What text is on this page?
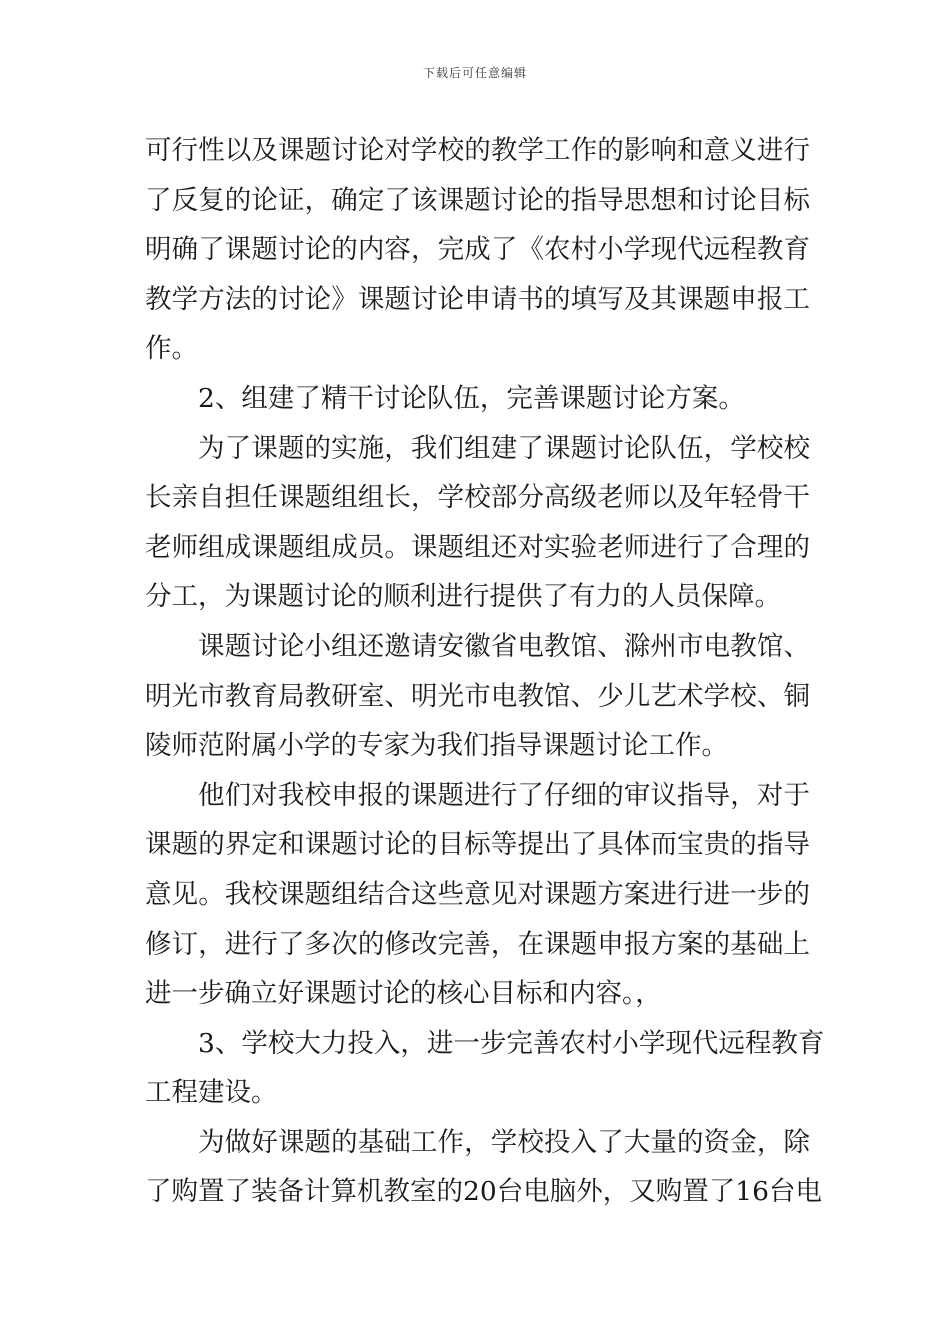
下载后可任意编辑
可行性以及课题讨论对学校的教学工作的影响和意义进行
了反复的论证，确定了该课题讨论的指导思想和讨论目标
明确了课题讨论的内容，完成了《农村小学现代远程教育
教学方法的讨论》课题讨论申请书的填写及其课题申报工
作。
2、组建了精干讨论队伍，完善课题讨论方案。
为了课题的实施，我们组建了课题讨论队伍，学校校
长亲自担任课题组组长，学校部分高级老师以及年轻骨干
老师组成课题组成员。课题组还对实验老师进行了合理的
分工，为课题讨论的顺利进行提供了有力的人员保障。
课题讨论小组还邀请安徽省电教馆、滁州市电教馆、
明光市教育局教研室、明光市电教馆、少儿艺术学校、铜
陵师范附属小学的专家为我们指导课题讨论工作。
他们对我校申报的课题进行了仔细的审议指导，对于
课题的界定和课题讨论的目标等提出了具体而宝贵的指导
意见。我校课题组结合这些意见对课题方案进行进一步的
修订，进行了多次的修改完善，在课题申报方案的基础上
进一步确立好课题讨论的核心目标和内容。，
3、学校大力投入，进一步完善农村小学现代远程教育
工程建设。
为做好课题的基础工作，学校投入了大量的资金，除
了购置了装备计算机教室的20台电脑外，又购置了16台电
